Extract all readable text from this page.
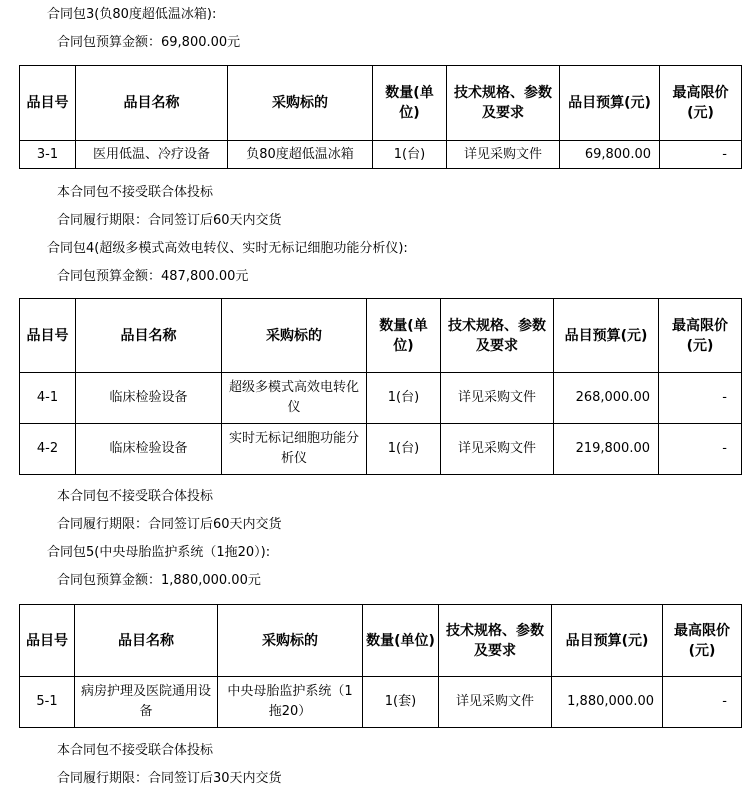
合同包3(负80度超低温冰箱):
合同包预算金额：69,800.00元
品目号	品目名称	采购标的	数量(单位)	技术规格、参数及要求	品目预算(元)	最高限价(元)
3-1	医用低温、冷疗设备	负80度超低温冰箱	1(台)	详见采购文件	69,800.00	-
本合同包不接受联合体投标
合同履行期限：合同签订后60天内交货
合同包4(超级多模式高效电转仪、实时无标记细胞功能分析仪):
合同包预算金额：487,800.00元
品目号	品目名称	采购标的	数量(单位)	技术规格、参数及要求	品目预算(元)	最高限价(元)
4-1	临床检验设备	超级多模式高效电转化仪	1(台)	详见采购文件	268,000.00	-
4-2	临床检验设备	实时无标记细胞功能分析仪	1(台)	详见采购文件	219,800.00	-
本合同包不接受联合体投标
合同履行期限：合同签订后60天内交货
合同包5(中央母胎监护系统（1拖20）):
合同包预算金额：1,880,000.00元
品目号	品目名称	采购标的	数量(单位)	技术规格、参数及要求	品目预算(元)	最高限价(元)
5-1	病房护理及医院通用设备	中央母胎监护系统（1拖20）	1(套)	详见采购文件	1,880,000.00	-
本合同包不接受联合体投标
合同履行期限：合同签订后30天内交货
